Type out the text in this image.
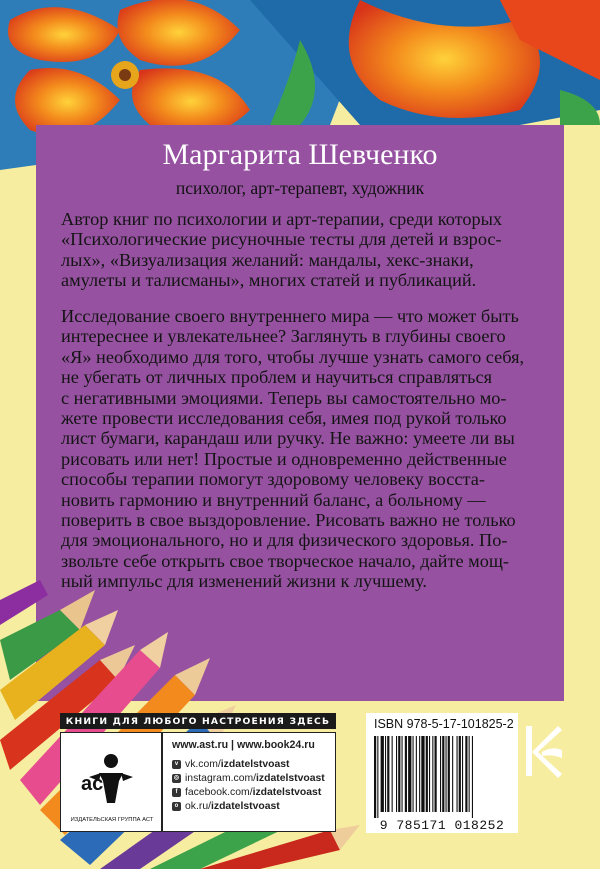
Маргарита Шевченко
психолог, арт-терапевт, художник
Автор книг по психологии и арт-терапии, среди которых
«Психологические рисуночные тесты для детей и взрос-
лых», «Визуализация желаний: мандалы, хекс-знаки,
амулеты и талисманы», многих статей и публикаций.
Исследование своего внутреннего мира — что может быть
интереснее и увлекательнее? Заглянуть в глубины своего
«Я» необходимо для того, чтобы лучше узнать самого себя,
не убегать от личных проблем и научиться справляться
с негативными эмоциями. Теперь вы самостоятельно мо-
жете провести исследования себя, имея под рукой только
лист бумаги, карандаш или ручку. Не важно: умеете ли вы
рисовать или нет! Простые и одновременно действенные
способы терапии помогут здоровому человеку восста-
новить гармонию и внутренний баланс, а больному —
поверить в свое выздоровление. Рисовать важно не только
для эмоционального, но и для физического здоровья. По-
звольте себе открыть свое творческое начало, дайте мощ-
ный импульс для изменений жизни к лучшему.
КНИГИ ДЛЯ ЛЮБОГО НАСТРОЕНИЯ ЗДЕСЬ
аст
ИЗДАТЕЛЬСКАЯ ГРУППА АСТ
www.ast.ru | www.book24.ru
v vk.com/ izdatelstvoast
◎ instagram.com/ izdatelstvoast
f facebook.com/ izdatelstvoast
o ok.ru/ izdatelstvoast
ISBN 978-5-17-101825-2
9 785171 018252
